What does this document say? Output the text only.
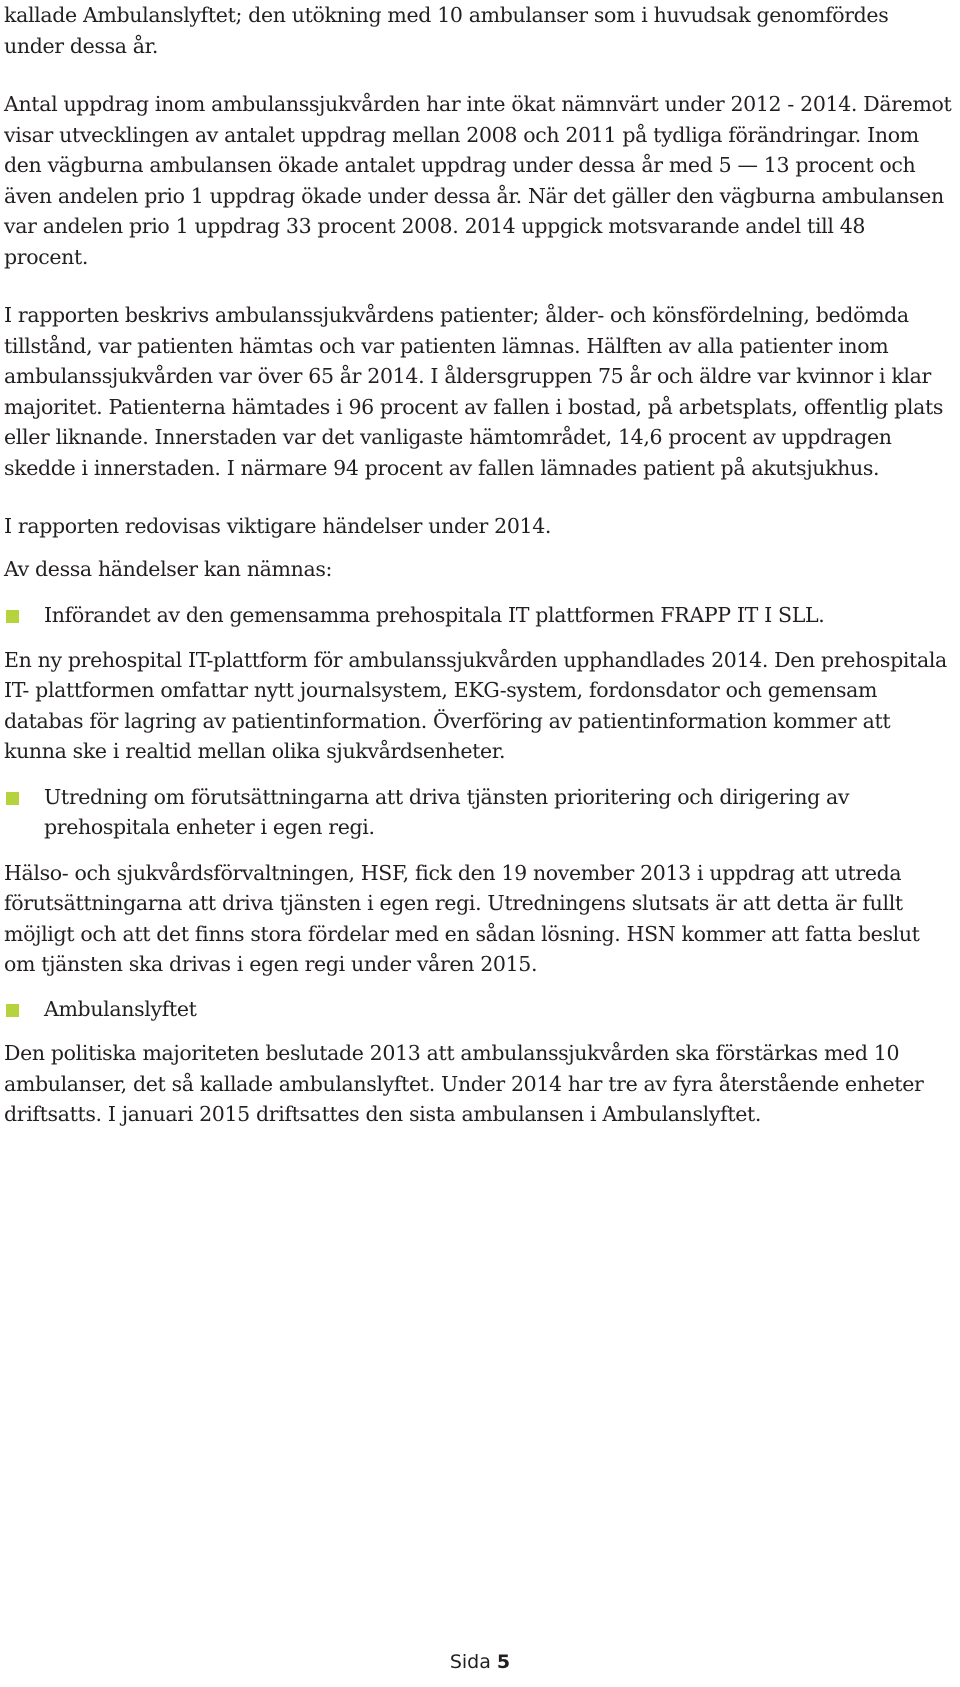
kallade Ambulanslyftet; den utökning med 10 ambulanser som i huvudsak genomfördes under dessa år.

Antal uppdrag inom ambulanssjukvården har inte ökat nämnvärt under 2012 - 2014. Däremot visar utvecklingen av antalet uppdrag mellan 2008 och 2011 på tydliga förändringar. Inom den vägburna ambulansen ökade antalet uppdrag under dessa år med 5 — 13 procent och även andelen prio 1 uppdrag ökade under dessa år. När det gäller den vägburna ambulansen var andelen prio 1 uppdrag 33 procent 2008. 2014 uppgick motsvarande andel till 48 procent.

I rapporten beskrivs ambulanssjukvårdens patienter; ålder- och könsfördelning, bedömda tillstånd, var patienten hämtas och var patienten lämnas. Hälften av alla patienter inom ambulanssjukvården var över 65 år 2014. I åldersgruppen 75 år och äldre var kvinnor i klar majoritet. Patienterna hämtades i 96 procent av fallen i bostad, på arbetsplats, offentlig plats eller liknande. Innerstaden var det vanligaste hämtområdet, 14,6 procent av uppdragen skedde i innerstaden. I närmare 94 procent av fallen lämnades patient på akutsjukhus.

I rapporten redovisas viktigare händelser under 2014.

Av dessa händelser kan nämnas:

Införandet av den gemensamma prehospitala IT plattformen FRAPP IT I SLL.

En ny prehospital IT-plattform för ambulanssjukvården upphandlades 2014. Den prehospitala IT- plattformen omfattar nytt journalsystem, EKG-system, fordonsdator och gemensam databas för lagring av patientinformation. Överföring av patientinformation kommer att kunna ske i realtid mellan olika sjukvårdsenheter.

Utredning om förutsättningarna att driva tjänsten prioritering och dirigering av prehospitala enheter i egen regi.

Hälso- och sjukvårdsförvaltningen, HSF, fick den 19 november 2013 i uppdrag att utreda förutsättningarna att driva tjänsten i egen regi. Utredningens slutsats är att detta är fullt möjligt och att det finns stora fördelar med en sådan lösning. HSN kommer att fatta beslut om tjänsten ska drivas i egen regi under våren 2015.

Ambulanslyftet

Den politiska majoriteten beslutade 2013 att ambulanssjukvården ska förstärkas med 10 ambulanser, det så kallade ambulanslyftet. Under 2014 har tre av fyra återstående enheter driftsatts. I januari 2015 driftsattes den sista ambulansen i Ambulanslyftet.

Sida 5
